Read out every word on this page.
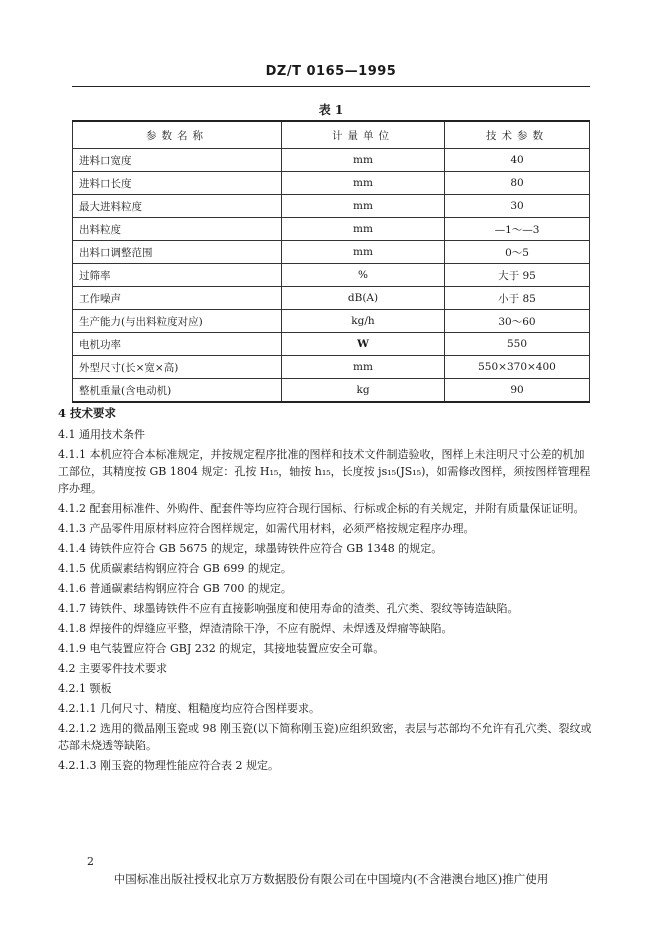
DZ/T 0165—1995
表 1
参数名称	计量单位	技术参数
进料口宽度	mm	40
进料口长度	mm	80
最大进料粒度	mm	30
出料粒度	mm	—1～—3
出料口调整范围	mm	0～5
过筛率	%	大于 95
工作噪声	dB(A)	小于 85
生产能力(与出料粒度对应)	kg/h	30～60
电机功率	W	550
外型尺寸(长×宽×高)	mm	550×370×400
整机重量(含电动机)	kg	90

4 技术要求

4.1 通用技术条件

4.1.1 本机应符合本标准规定，并按规定程序批准的图样和技术文件制造验收，图样上未注明尺寸公差的机加工部位，其精度按 GB 1804 规定：孔按 H₁₅，轴按 h₁₅，长度按 js₁₅(JS₁₅)，如需修改图样，须按图样管理程序办理。

4.1.2 配套用标准件、外购件、配套件等均应符合现行国标、行标或企标的有关规定，并附有质量保证证明。

4.1.3 产品零件用原材料应符合图样规定，如需代用材料，必须严格按规定程序办理。

4.1.4 铸铁件应符合 GB 5675 的规定，球墨铸铁件应符合 GB 1348 的规定。

4.1.5 优质碳素结构钢应符合 GB 699 的规定。

4.1.6 普通碳素结构钢应符合 GB 700 的规定。

4.1.7 铸铁件、球墨铸铁件不应有直接影响强度和使用寿命的渣类、孔穴类、裂纹等铸造缺陷。

4.1.8 焊接件的焊缝应平整，焊渣清除干净，不应有脱焊、未焊透及焊瘤等缺陷。

4.1.9 电气装置应符合 GBJ 232 的规定，其接地装置应安全可靠。

4.2 主要零件技术要求

4.2.1 颚板

4.2.1.1 几何尺寸、精度、粗糙度均应符合图样要求。

4.2.1.2 选用的微晶刚玉瓷或 98 刚玉瓷(以下简称刚玉瓷)应组织致密，表层与芯部均不允许有孔穴类、裂纹或芯部未烧透等缺陷。

4.2.1.3 刚玉瓷的物理性能应符合表 2 规定。

2
中国标准出版社授权北京万方数据股份有限公司在中国境内(不含港澳台地区)推广使用
